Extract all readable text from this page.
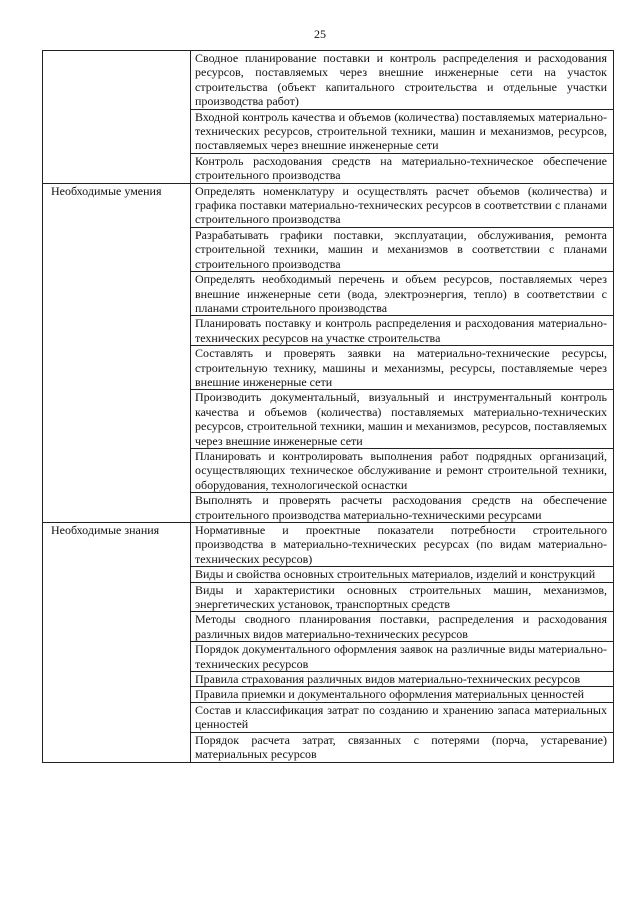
25
	Сводное планирование поставки и контроль распределения и расходования ресурсов, поставляемых через внешние инженерные сети на участок строительства (объект капитального строительства и отдельные участки производства работ)
	Входной контроль качества и объемов (количества) поставляемых материально-технических ресурсов, строительной техники, машин и механизмов, ресурсов, поставляемых через внешние инженерные сети
	Контроль расходования средств на материально-техническое обеспечение строительного производства
Необходимые умения	Определять номенклатуру и осуществлять расчет объемов (количества) и графика поставки материально-технических ресурсов в соответствии с планами строительного производства
	Разрабатывать графики поставки, эксплуатации, обслуживания, ремонта строительной техники, машин и механизмов в соответствии с планами строительного производства
	Определять необходимый перечень и объем ресурсов, поставляемых через внешние инженерные сети (вода, электроэнергия, тепло) в соответствии с планами строительного производства
	Планировать поставку и контроль распределения и расходования материально-технических ресурсов на участке строительства
	Составлять и проверять заявки на материально-технические ресурсы, строительную технику, машины и механизмы, ресурсы, поставляемые через внешние инженерные сети
	Производить документальный, визуальный и инструментальный контроль качества и объемов (количества) поставляемых материально-технических ресурсов, строительной техники, машин и механизмов, ресурсов, поставляемых через внешние инженерные сети
	Планировать и контролировать выполнения работ подрядных организаций, осуществляющих техническое обслуживание и ремонт строительной техники, оборудования, технологической оснастки
	Выполнять и проверять расчеты расходования средств на обеспечение строительного производства материально-техническими ресурсами
Необходимые знания	Нормативные и проектные показатели потребности строительного производства в материально-технических ресурсах (по видам материально-технических ресурсов)
	Виды и свойства основных строительных материалов, изделий и конструкций
	Виды и характеристики основных строительных машин, механизмов, энергетических установок, транспортных средств
	Методы сводного планирования поставки, распределения и расходования различных видов материально-технических ресурсов
	Порядок документального оформления заявок на различные виды материально-технических ресурсов
	Правила страхования различных видов материально-технических ресурсов
	Правила приемки и документального оформления материальных ценностей
	Состав и классификация затрат по созданию и хранению запаса материальных ценностей
	Порядок расчета затрат, связанных с потерями (порча, устаревание) материальных ресурсов
